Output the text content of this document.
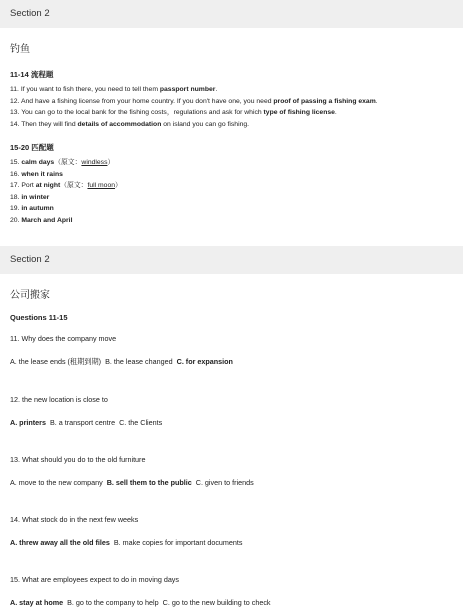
Section 2
钓鱼
11-14 流程题
11. If you want to fish there, you need to tell them passport number.
12. And have a fishing license from your home country. If you don't have one, you need proof of passing a fishing exam.
13. You can go to the local bank for the fishing costs，regulations and ask for which type of fishing license.
14. Then they will find details of accommodation on island you can go fishing.
15-20 匹配题
15. calm days（原文：windless）
16. when it rains
17. Port at night（原文：full moon）
18. in winter
19. in autumn
20. March and April
Section 2
公司搬家
Questions 11-15
11. Why does the company move
A. the lease ends (租期到期) B. the lease changed C. for expansion
12. the new location is close to
A. printers B. a transport centre C. the Clients
13. What should you do to the old furniture
A. move to the new company B. sell them to the public C. given to friends
14. What stock do in the next few weeks
A. threw away all the old files B. make copies for important documents
15. What are employees expect to do in moving days
A. stay at home B. go to the company to help C. go to the new building to check
